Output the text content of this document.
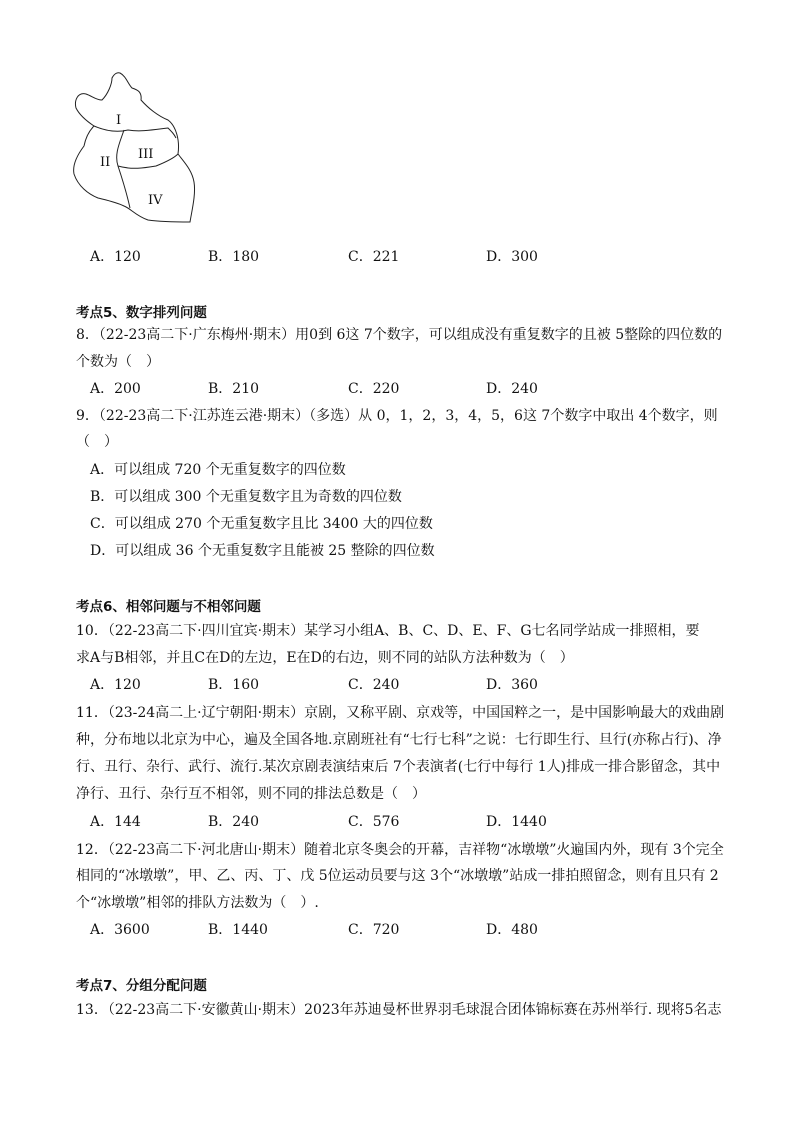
I
II
III
IV
A．120	B．180	C．221	D．300
考点5、数字排列问题
8．（22-23高二下·广东梅州·期末）用0到 6这 7个数字，可以组成没有重复数字的且被 5整除的四位数的
个数为（　）
A．200	B．210	C．220	D．240
9．（22-23高二下·江苏连云港·期末）（多选）从 0，1，2，3，4，5，6这 7个数字中取出 4个数字，则
（　）
A．可以组成 720 个无重复数字的四位数
B．可以组成 300 个无重复数字且为奇数的四位数
C．可以组成 270 个无重复数字且比 3400 大的四位数
D．可以组成 36 个无重复数字且能被 25 整除的四位数
考点6、相邻问题与不相邻问题
10．（22-23高二下·四川宜宾·期末）某学习小组A、B、C、D、E、F、G七名同学站成一排照相，要
求A与B相邻，并且C在D的左边，E在D的右边，则不同的站队方法种数为（　）
A．120	B．160	C．240	D．360
11．（23-24高二上·辽宁朝阳·期末）京剧，又称平剧、京戏等，中国国粹之一，是中国影响最大的戏曲剧
种，分布地以北京为中心，遍及全国各地.京剧班社有“七行七科”之说：七行即生行、旦行(亦称占行)、净
行、丑行、杂行、武行、流行.某次京剧表演结束后 7个表演者(七行中每行 1人)排成一排合影留念，其中
净行、丑行、杂行互不相邻，则不同的排法总数是（　）
A．144	B．240	C．576	D．1440
12．（22-23高二下·河北唐山·期末）随着北京冬奥会的开幕，吉祥物“冰墩墩”火遍国内外，现有 3个完全
相同的“冰墩墩”，甲、乙、丙、丁、戊 5位运动员要与这 3个“冰墩墩”站成一排拍照留念，则有且只有 2
个“冰墩墩”相邻的排队方法数为（　）.
A．3600	B．1440	C．720	D．480
考点7、分组分配问题
13．（22-23高二下·安徽黄山·期末）2023年苏迪曼杯世界羽毛球混合团体锦标赛在苏州举行. 现将5名志
